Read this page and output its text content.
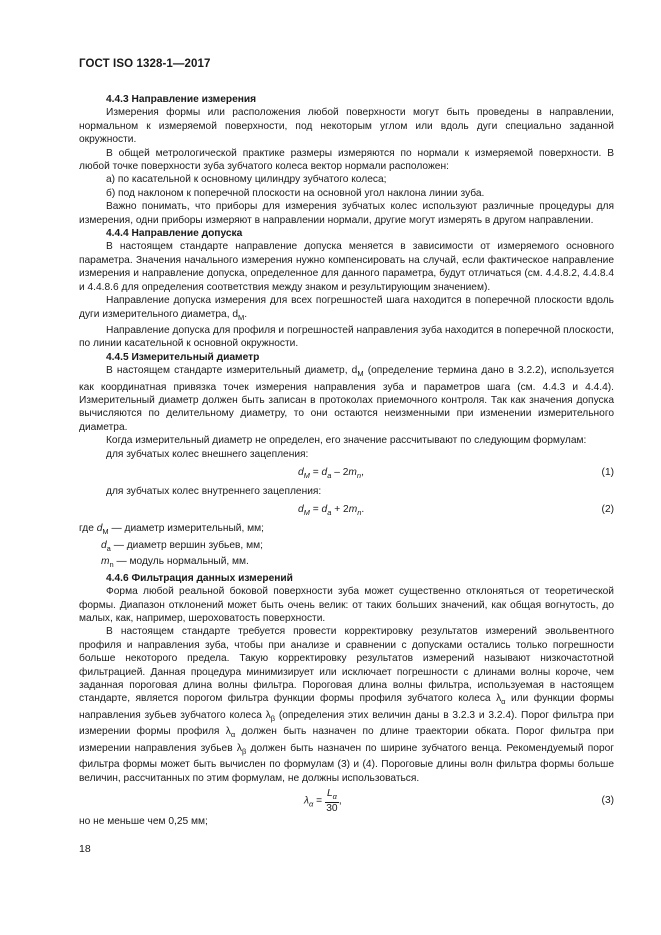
ГОСТ ISO 1328-1—2017

4.4.3 Направление измерения

Измерения формы или расположения любой поверхности могут быть проведены в направлении, нормальном к измеряемой поверхности, под некоторым углом или вдоль дуги специально заданной окружности.

В общей метрологической практике размеры измеряются по нормали к измеряемой поверхности. В любой точке поверхности зуба зубчатого колеса вектор нормали расположен:

а) по касательной к основному цилиндру зубчатого колеса;

б) под наклоном к поперечной плоскости на основной угол наклона линии зуба.

Важно понимать, что приборы для измерения зубчатых колес используют различные процедуры для измерения, одни приборы измеряют в направлении нормали, другие могут измерять в другом направлении.

4.4.4 Направление допуска

В настоящем стандарте направление допуска меняется в зависимости от измеряемого основного параметра. Значения начального измерения нужно компенсировать на случай, если фактическое направление измерения и направление допуска, определенное для данного параметра, будут отличаться (см. 4.4.8.2, 4.4.8.4 и 4.4.8.6 для определения соответствия между знаком и результирующим значением).

Направление допуска измерения для всех погрешностей шага находится в поперечной плоскости вдоль дуги измерительного диаметра, $d_M$.

Направление допуска для профиля и погрешностей направления зуба находится в поперечной плоскости, по линии касательной к основной окружности.

4.4.5 Измерительный диаметр

В настоящем стандарте измерительный диаметр, $d_M$ (определение термина дано в 3.2.2), используется как координатная привязка точек измерения направления зуба и параметров шага (см. 4.4.3 и 4.4.4). Измерительный диаметр должен быть записан в протоколах приемочного контроля. Так как значения допуска вычисляются по делительному диаметру, то они остаются неизменными при изменении измерительного диаметра.

Когда измерительный диаметр не определен, его значение рассчитывают по следующим формулам:

для зубчатых колес внешнего зацепления:

$d_M = d_a - 2m_n$,	(1)

для зубчатых колес внутреннего зацепления:

$d_M = d_a + 2m_n$.	(2)

где $d_M$ — диаметр измерительный, мм;

$d_a$ — диаметр вершин зубьев, мм;

$m_n$ — модуль нормальный, мм.

4.4.6 Фильтрация данных измерений

Форма любой реальной боковой поверхности зуба может существенно отклоняться от теоретической формы. Диапазон отклонений может быть очень велик: от таких больших значений, как общая вогнутость, до малых, как, например, шероховатость поверхности.

В настоящем стандарте требуется провести корректировку результатов измерений эвольвентного профиля и направления зуба, чтобы при анализе и сравнении с допусками остались только погрешности больше некоторого предела. Такую корректировку результатов измерений называют низкочастотной фильтрацией. Данная процедура минимизирует или исключает погрешности с длинами волны короче, чем заданная пороговая длина волны фильтра. Пороговая длина волны фильтра, используемая в настоящем стандарте, является порогом фильтра функции формы профиля зубчатого колеса $\lambda_\alpha$ или функции формы направления зубьев зубчатого колеса $\lambda_\beta$ (определения этих величин даны в 3.2.3 и 3.2.4). Порог фильтра при измерении формы профиля $\lambda_\alpha$ должен быть назначен по длине траектории обката. Порог фильтра при измерении направления зубьев $\lambda_\beta$ должен быть назначен по ширине зубчатого венца. Рекомендуемый порог фильтра формы может быть вычислен по формулам (3) и (4). Пороговые длины волн фильтра формы больше величин, рассчитанных по этим формулам, не должны использоваться.

$\lambda_\alpha = \frac{L_\alpha}{30}$ ,	(3)

но не меньше чем 0,25 мм;

18
